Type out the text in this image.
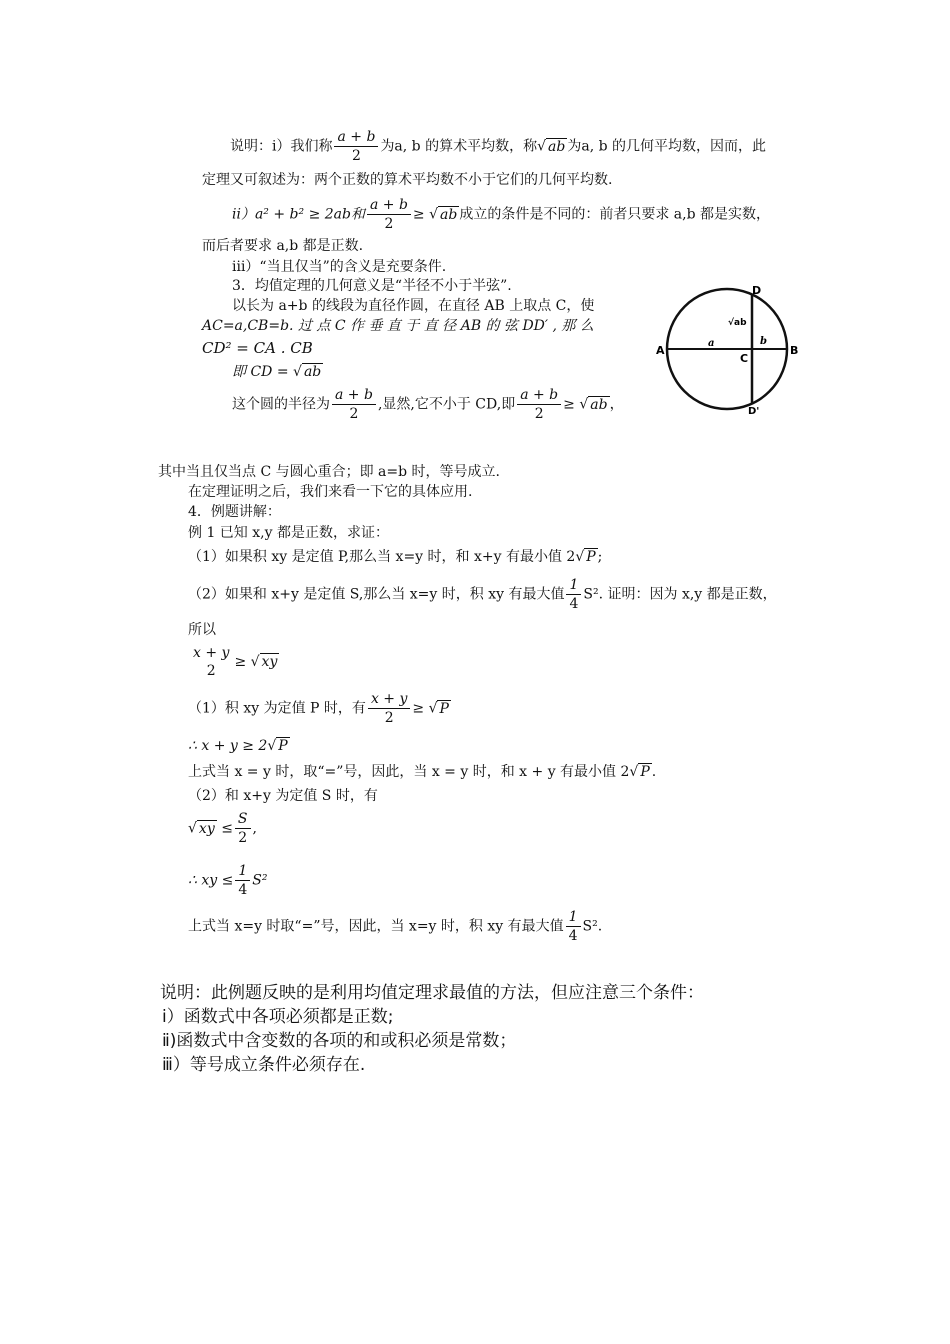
说明：ⅰ）我们称 $\frac{a + b}{2}$ 为a, b 的算术平均数，称√ ab 为a, b 的几何平均数，因而，此
定理又可叙述为：两个正数的算术平均数不小于它们的几何平均数.
ⅱ）a² + b² ≥ 2ab和 $\frac{a + b}{2}$ ≥ √ ab 成立的条件是不同的：前者只要求 a,b 都是实数，
而后者要求 a,b 都是正数.
ⅲ）“当且仅当”的含义是充要条件.
3．均值定理的几何意义是“半径不小于半弦”.
以长为 a+b 的线段为直径作圆，在直径 AB 上取点 C，使
AC=a,CB=b. 过 点 C 作 垂 直 于 直 径 AB 的 弦 DD′ , 那 么
CD² = CA . CB
即 CD = √ ab
这个圆的半径为 $\frac{a + b}{2}$ ,显然,它不小于 CD,即 $\frac{a + b}{2}$ ≥ √ ab ，
A	B
C
D
D'
a	b
√ab
其中当且仅当点 C 与圆心重合；即 a=b 时，等号成立.
在定理证明之后，我们来看一下它的具体应用.
4．例题讲解：
例 1 已知 x,y 都是正数，求证：
（1）如果积 xy 是定值 P,那么当 x=y 时，和 x+y 有最小值 2√ P ;
（2）如果和 x+y 是定值 S,那么当 x=y 时，积 xy 有最大值 $\frac{1}{4} S^2$. 证明：因为 x,y 都是正数，
所以
x + y
2
≥ √ xy
（1）积 xy 为定值 P 时，有 $\frac{x + y}{2}$ ≥ √ P
∴ x + y ≥ 2√ P
上式当 x = y 时，取“=”号，因此，当 x = y 时，和 x + y 有最小值 2√ P .
（2）和 x+y 为定值 S 时，有
√ xy ≤ $\frac{S}{2}$ ,
∴ xy ≤ $\frac{1}{4} S^2$
上式当 x=y 时取“=”号，因此，当 x=y 时，积 xy 有最大值 $\frac{1}{4} S^2$.
说明：此例题反映的是利用均值定理求最值的方法，但应注意三个条件：
ⅰ）函数式中各项必须都是正数;
ⅱ)函数式中含变数的各项的和或积必须是常数；
ⅲ）等号成立条件必须存在.
